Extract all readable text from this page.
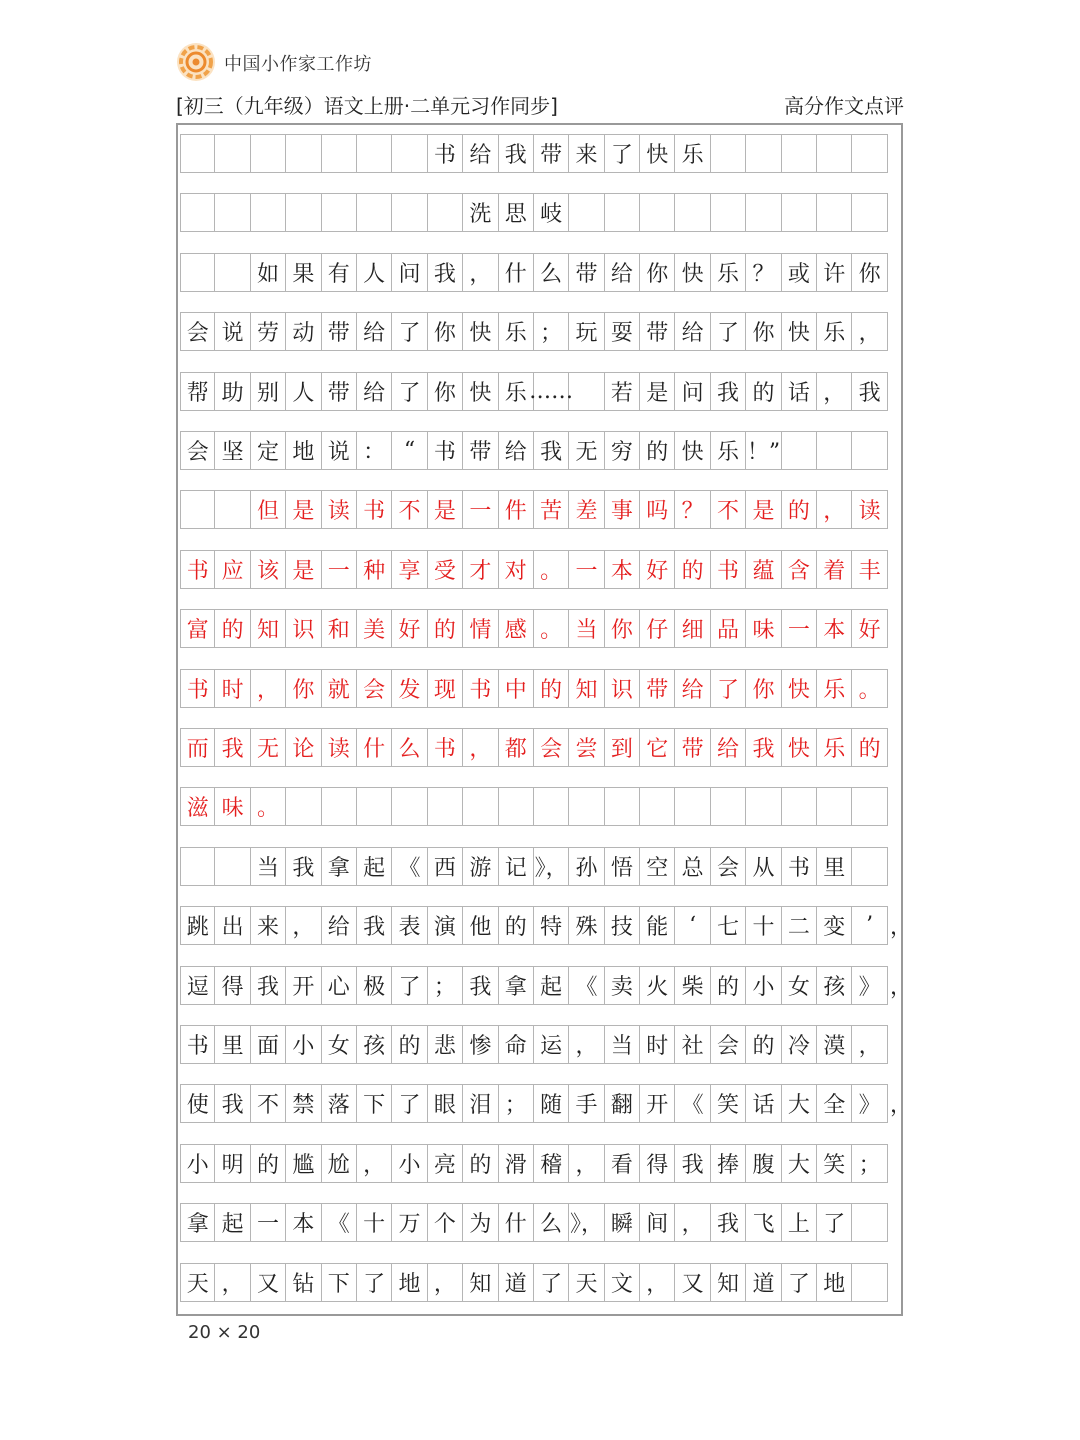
中国小作家工作坊
[初三（九年级）语文上册·二单元习作同步]	高分作文点评
书 给 我 带 来 了 快 乐
洗 思 岐
如 果 有 人 问 我 ， 什 么 带 给 你 快 乐 ？ 或 许 你
会 说 劳 动 带 给 了 你 快 乐 ； 玩 耍 带 给 了 你 快 乐 ，
帮 助 别 人 带 给 了 你 快 乐 …… 若 是 问 我 的 话 ， 我
会 坚 定 地 说 ： “ 书 带 给 我 无 穷 的 快 乐 ！”
但 是 读 书 不 是 一 件 苦 差 事 吗 ？ 不 是 的 ， 读
书 应 该 是 一 种 享 受 才 对 。 一 本 好 的 书 蕴 含 着 丰
富 的 知 识 和 美 好 的 情 感 。 当 你 仔 细 品 味 一 本 好
书 时 ， 你 就 会 发 现 书 中 的 知 识 带 给 了 你 快 乐 。
而 我 无 论 读 什 么 书 ， 都 会 尝 到 它 带 给 我 快 乐 的
滋 味 。
当 我 拿 起 《 西 游 记 》， 孙 悟 空 总 会 从 书 里
跳 出 来 ， 给 我 表 演 他 的 特 殊 技 能 ‘ 七 十 二 变 ’ ，
逗 得 我 开 心 极 了 ； 我 拿 起 《 卖 火 柴 的 小 女 孩 》 ，
书 里 面 小 女 孩 的 悲 惨 命 运 ， 当 时 社 会 的 冷 漠 ，
使 我 不 禁 落 下 了 眼 泪 ； 随 手 翻 开 《 笑 话 大 全 》 ，
小 明 的 尴 尬 ， 小 亮 的 滑 稽 ， 看 得 我 捧 腹 大 笑 ；
拿 起 一 本 《 十 万 个 为 什 么 》， 瞬 间 ， 我 飞 上 了
天 ， 又 钻 下 了 地 ， 知 道 了 天 文 ， 又 知 道 了 地
20 × 20
